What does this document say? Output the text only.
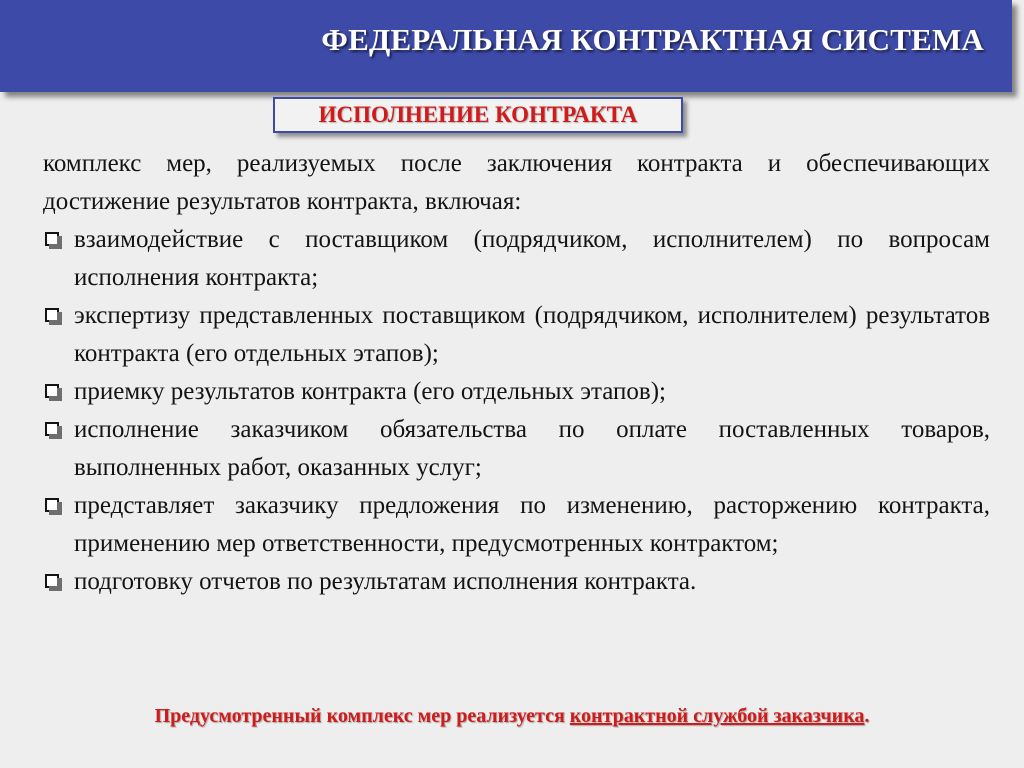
ФЕДЕРАЛЬНАЯ КОНТРАКТНАЯ СИСТЕМА
ИСПОЛНЕНИЕ КОНТРАКТА

комплекс мер, реализуемых после заключения контракта и обеспечивающих достижение результатов контракта, включая:

взаимодействие с поставщиком (подрядчиком, исполнителем) по вопросам исполнения контракта;
экспертизу представленных поставщиком (подрядчиком, исполнителем) результатов контракта (его отдельных этапов);
приемку результатов контракта (его отдельных этапов);
исполнение заказчиком обязательства по оплате поставленных товаров, выполненных работ, оказанных услуг;
представляет заказчику предложения по изменению, расторжению контракта, применению мер ответственности, предусмотренных контрактом;
подготовку отчетов по результатам исполнения контракта.
Предусмотренный комплекс мер реализуется контрактной службой заказчика.
